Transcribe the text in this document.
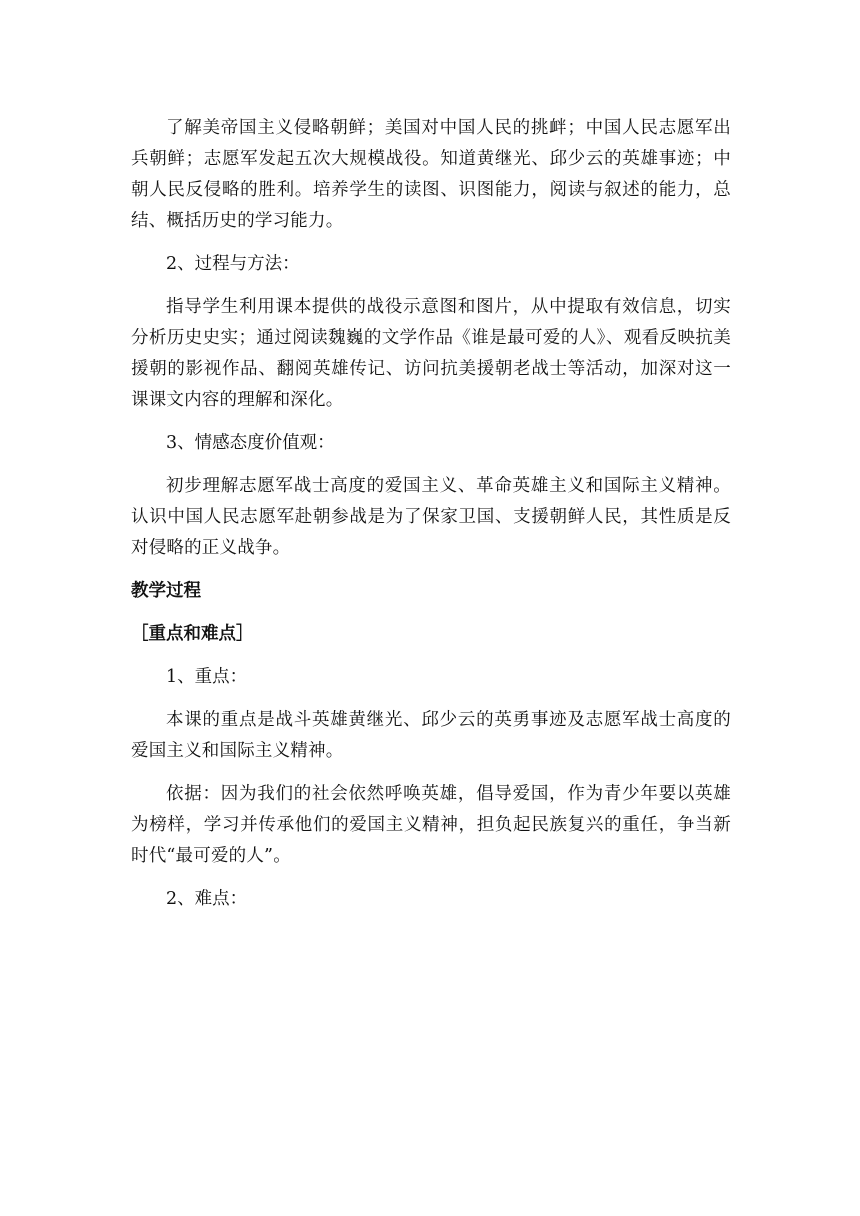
了解美帝国主义侵略朝鲜；美国对中国人民的挑衅；中国人民志愿军出兵朝鲜；志愿军发起五次大规模战役。知道黄继光、邱少云的英雄事迹；中朝人民反侵略的胜利。培养学生的读图、识图能力，阅读与叙述的能力，总结、概括历史的学习能力。

2、过程与方法：

指导学生利用课本提供的战役示意图和图片，从中提取有效信息，切实分析历史史实；通过阅读魏巍的文学作品《谁是最可爱的人》、观看反映抗美援朝的影视作品、翻阅英雄传记、访问抗美援朝老战士等活动，加深对这一课课文内容的理解和深化。

3、情感态度价值观：

初步理解志愿军战士高度的爱国主义、革命英雄主义和国际主义精神。认识中国人民志愿军赴朝参战是为了保家卫国、支援朝鲜人民，其性质是反对侵略的正义战争。

教学过程

［重点和难点］

1、重点：

本课的重点是战斗英雄黄继光、邱少云的英勇事迹及志愿军战士高度的爱国主义和国际主义精神。

依据：因为我们的社会依然呼唤英雄，倡导爱国，作为青少年要以英雄为榜样，学习并传承他们的爱国主义精神，担负起民族复兴的重任，争当新时代“最可爱的人”。

2、难点：
